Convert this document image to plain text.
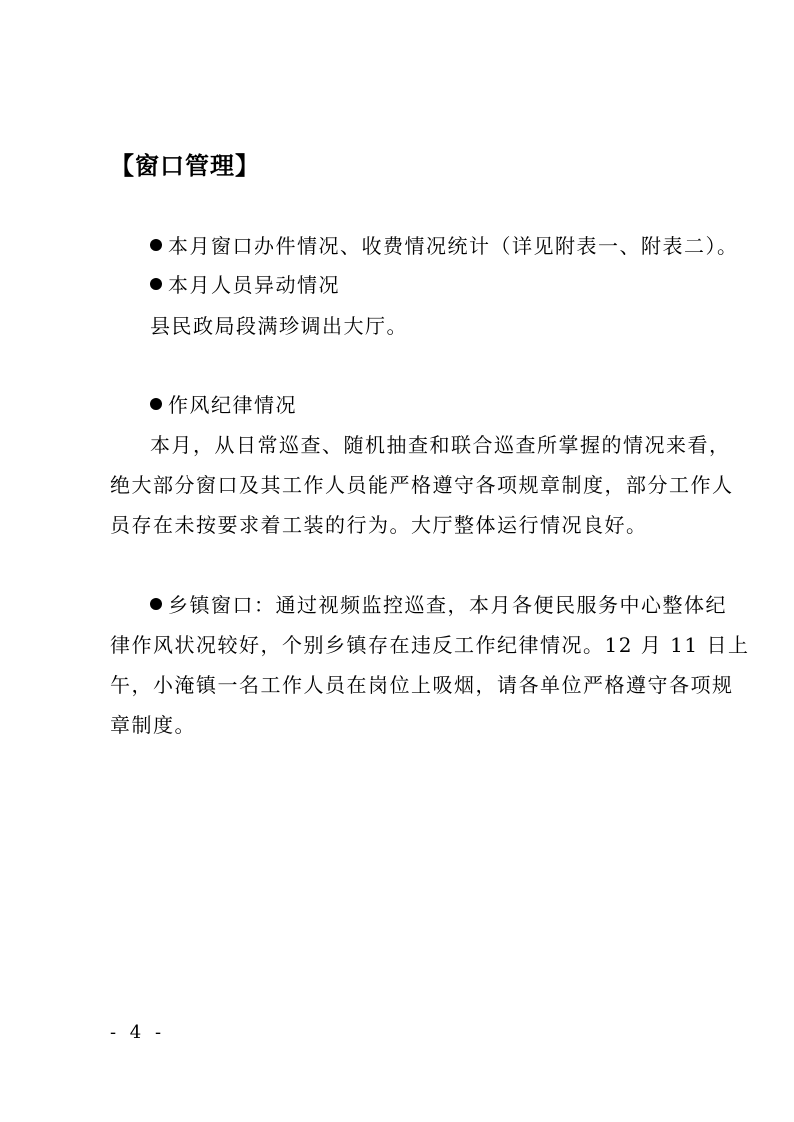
【窗口管理】
本月窗口办件情况、收费情况统计（详见附表一、附表二）。
本月人员异动情况
县民政局段满珍调出大厅。
作风纪律情况
本月，从日常巡查、随机抽查和联合巡查所掌握的情况来看，
绝大部分窗口及其工作人员能严格遵守各项规章制度，部分工作人
员存在未按要求着工装的行为。大厅整体运行情况良好。
乡镇窗口：通过视频监控巡查，本月各便民服务中心整体纪
律作风状况较好，个别乡镇存在违反工作纪律情况。12 月 11 日上
午，小淹镇一名工作人员在岗位上吸烟，请各单位严格遵守各项规
章制度。
- 4 -
